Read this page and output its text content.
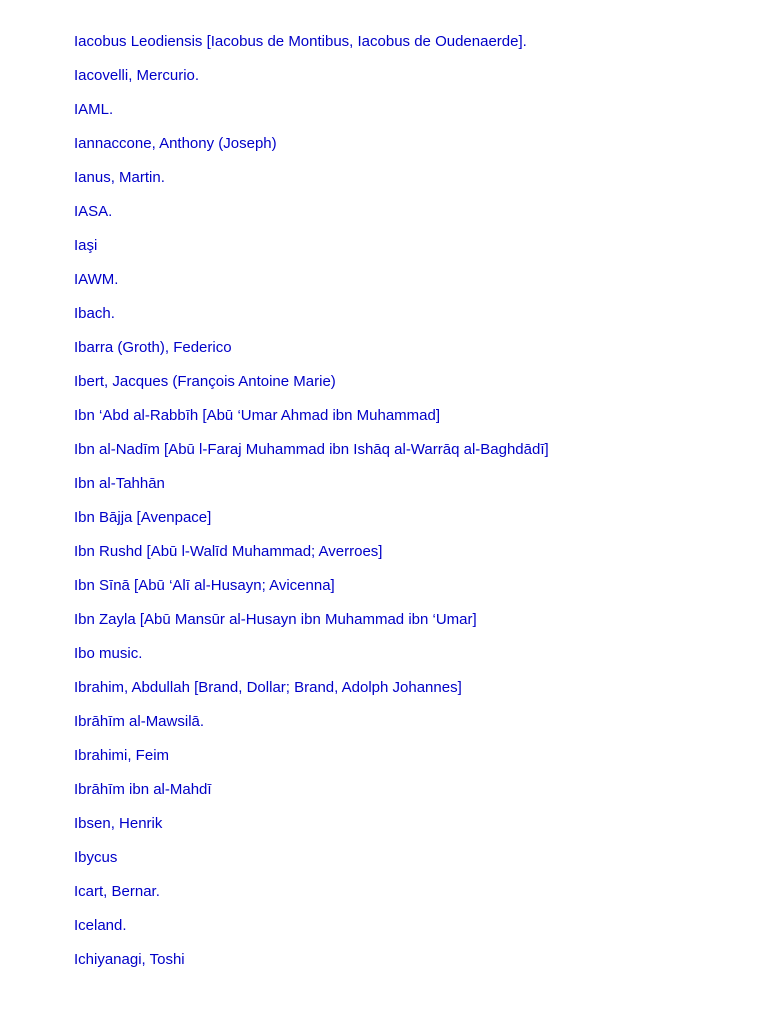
Iacobus Leodiensis [Iacobus de Montibus, Iacobus de Oudenaerde].
Iacovelli, Mercurio.
IAML.
Iannaccone, Anthony (Joseph)
Ianus, Martin.
IASA.
Iaşi
IAWM.
Ibach.
Ibarra (Groth), Federico
Ibert, Jacques (François Antoine Marie)
Ibn ‘Abd al-Rabbīh [Abū ‘Umar Ahmad ibn Muhammad]
Ibn al-Nadīm [Abū l-Faraj Muhammad ibn Ishāq al-Warrāq al-Baghdādī]
Ibn al-Tahhān
Ibn Bājja [Avenpace]
Ibn Rushd [Abū l-Walīd Muhammad; Averroes]
Ibn Sīnā [Abū ‘Alī al-Husayn; Avicenna]
Ibn Zayla [Abū Mansūr al-Husayn ibn Muhammad ibn ‘Umar]
Ibo music.
Ibrahim, Abdullah [Brand, Dollar; Brand, Adolph Johannes]
Ibrāhīm al-Mawsilā.
Ibrahimi, Feim
Ibrāhīm ibn al-Mahdī
Ibsen, Henrik
Ibycus
Icart, Bernar.
Iceland.
Ichiyanagi, Toshi
